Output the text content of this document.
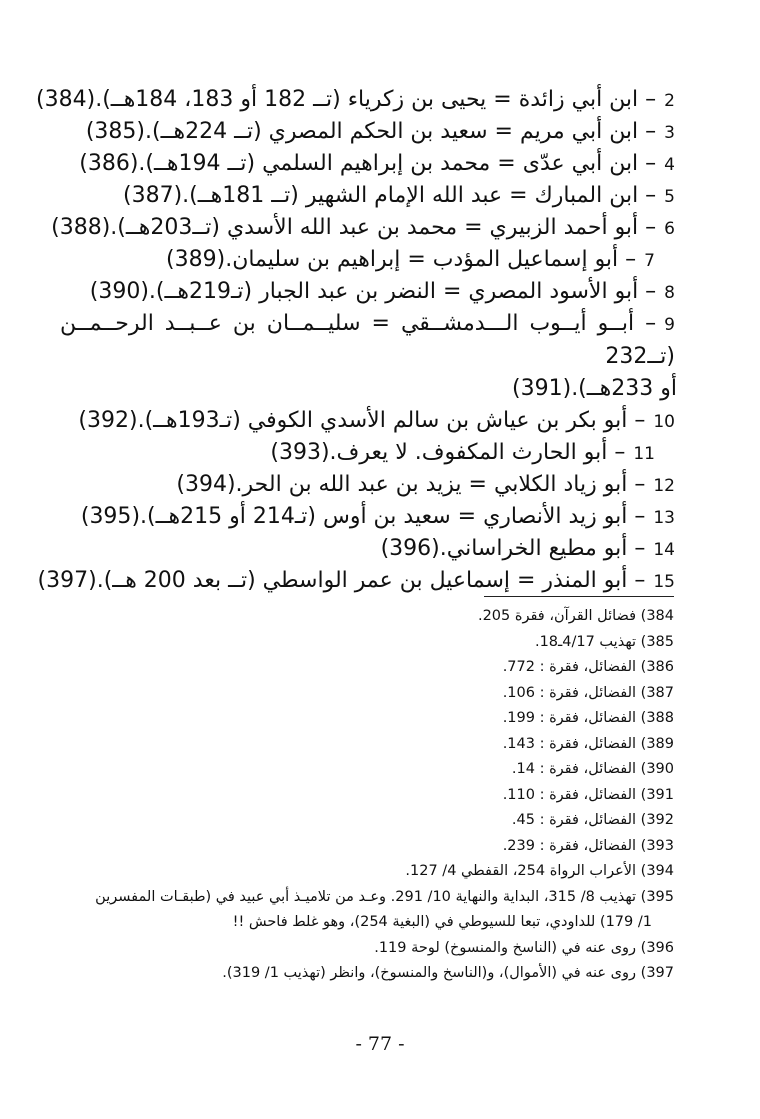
2– ابن أبي زائدة = يحيى بن زكرياء (تــ 182 أو 183، 184هــ).(384)
3– ابن أبي مريم = سعيد بن الحكم المصري (تــ 224هــ).(385)
4– ابن أبي عدّى = محمد بن إبراهيم السلمي (تــ 194هــ).(386)
5– ابن المبارك = عبد الله الإمام الشهير (تــ 181هــ).(387)
6– أبو أحمد الزبيري = محمد بن عبد الله الأسدي (تــ203هــ).(388)
7– أبو إسماعيل المؤدب = إبراهيم بن سليمان.(389)
8– أبو الأسود المصري = النضر بن عبد الجبار (تـ219هــ).(390)
9– أبــو أيــوب الـــدمشــقي = سليــمــان بن عــبــد الرحــمــن (تــ232
أو 233هــ).(391)
10– أبو بكر بن عياش بن سالم الأسدي الكوفي (تـ193هــ).(392)
11– أبو الحارث المكفوف. لا يعرف.(393)
12– أبو زياد الكلابي = يزيد بن عبد الله بن الحر.(394)
13– أبو زيد الأنصاري = سعيد بن أوس (تـ214 أو 215هــ).(395)
14– أبو مطيع الخراساني.(396)
15– أبو المنذر = إسماعيل بن عمر الواسطي (تــ بعد 200 هــ).(397)
384) فضائل القرآن، فقرة 205.
385) تهذيب 4/17ـ18.
386) الفضائل، فقرة : 772.
387) الفضائل، فقرة : 106.
388) الفضائل، فقرة : 199.
389) الفضائل، فقرة : 143.
390) الفضائل، فقرة : 14.
391) الفضائل، فقرة : 110.
392) الفضائل، فقرة : 45.
393) الفضائل، فقرة : 239.
394) الأعراب الرواة 254، القفطي 4/ 127.
395) تهذيب 8/ 315، البداية والنهاية 10/ 291. وعـد من تلاميـذ أبي عبيد في (طبقـات المفسرين
1/ 179) للداودي، تبعا للسيوطي في (البغية 254)، وهو غلط فاحش !!
396) روى عنه في (الناسخ والمنسوخ) لوحة 119.
397) روى عنه في (الأموال)، و(الناسخ والمنسوخ)، وانظر (تهذيب 1/ 319).
- 77 -
